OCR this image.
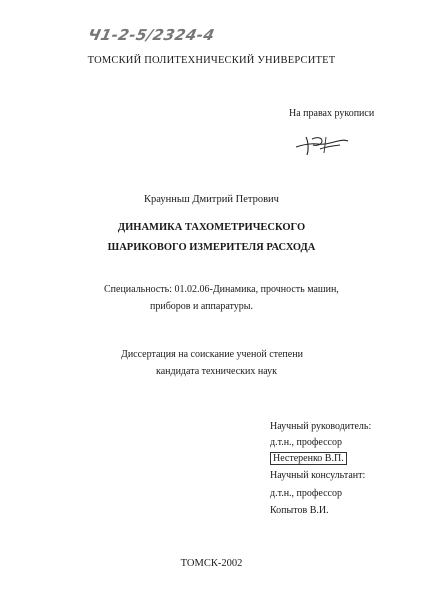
Ч1-2-5/2324-4
ТОМСКИЙ ПОЛИТЕХНИЧЕСКИЙ УНИВЕРСИТЕТ
На правах рукописи
Краунньш Дмитрий Петрович
ДИНАМИКА ТАХОМЕТРИЧЕСКОГО
ШАРИКОВОГО ИЗМЕРИТЕЛЯ РАСХОДА
Специальность: 01.02.06-Динамика, прочность машин,
приборов и аппаратуры.
Диссертация на соискание ученой степени
кандидата технических наук
Научный руководитель:
д.т.н., профессор
Нестеренко В.П.
Научный консультант:
д.т.н., профессор
Копытов В.И.
ТОМСК-2002
